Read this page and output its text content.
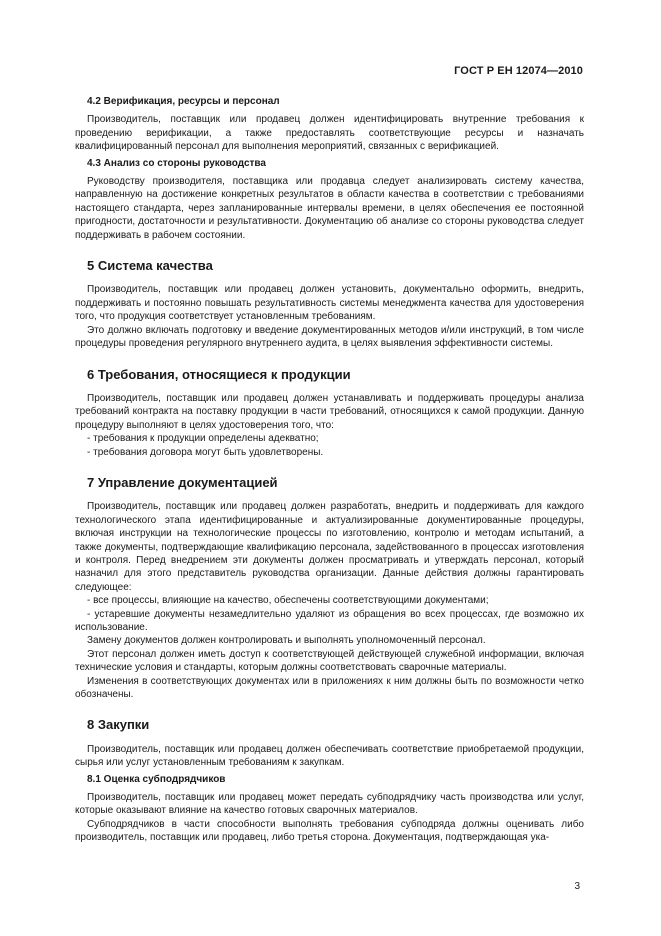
ГОСТ Р ЕН 12074—2010
4.2 Верификация, ресурсы и персонал

Производитель, поставщик или продавец должен идентифицировать внутренние требования к проведению верификации, а также предоставлять соответствующие ресурсы и назначать квалифицированный персонал для выполнения мероприятий, связанных с верификацией.

4.3 Анализ со стороны руководства

Руководству производителя, поставщика или продавца следует анализировать систему качества, направленную на достижение конкретных результатов в области качества в соответствии с требованиями настоящего стандарта, через запланированные интервалы времени, в целях обеспечения ее постоянной пригодности, достаточности и результативности. Документацию об анализе со стороны руководства следует поддерживать в рабочем состоянии.

5 Система качества

Производитель, поставщик или продавец должен установить, документально оформить, внедрить, поддерживать и постоянно повышать результативность системы менеджмента качества для удостоверения того, что продукция соответствует установленным требованиям.

Это должно включать подготовку и введение документированных методов и/или инструкций, в том числе процедуры проведения регулярного внутреннего аудита, в целях выявления эффективности системы.

6 Требования, относящиеся к продукции

Производитель, поставщик или продавец должен устанавливать и поддерживать процедуры анализа требований контракта на поставку продукции в части требований, относящихся к самой продукции. Данную процедуру выполняют в целях удостоверения того, что:

- требования к продукции определены адекватно;

- требования договора могут быть удовлетворены.

7 Управление документацией

Производитель, поставщик или продавец должен разработать, внедрить и поддерживать для каждого технологического этапа идентифицированные и актуализированные документированные процедуры, включая инструкции на технологические процессы по изготовлению, контролю и методам испытаний, а также документы, подтверждающие квалификацию персонала, задействованного в процессах изготовления и контроля. Перед внедрением эти документы должен просматривать и утверждать персонал, который назначил для этого представитель руководства организации. Данные действия должны гарантировать следующее:

- все процессы, влияющие на качество, обеспечены соответствующими документами;

- устаревшие документы незамедлительно удаляют из обращения во всех процессах, где возможно их использование.

Замену документов должен контролировать и выполнять уполномоченный персонал.

Этот персонал должен иметь доступ к соответствующей действующей служебной информации, включая технические условия и стандарты, которым должны соответствовать сварочные материалы.

Изменения в соответствующих документах или в приложениях к ним должны быть по возможности четко обозначены.

8 Закупки

Производитель, поставщик или продавец должен обеспечивать соответствие приобретаемой продукции, сырья или услуг установленным требованиям к закупкам.

8.1 Оценка субподрядчиков

Производитель, поставщик или продавец может передать субподрядчику часть производства или услуг, которые оказывают влияние на качество готовых сварочных материалов.

Субподрядчиков в части способности выполнять требования субподряда должны оценивать либо производитель, поставщик или продавец, либо третья сторона. Документация, подтверждающая ука-

3
